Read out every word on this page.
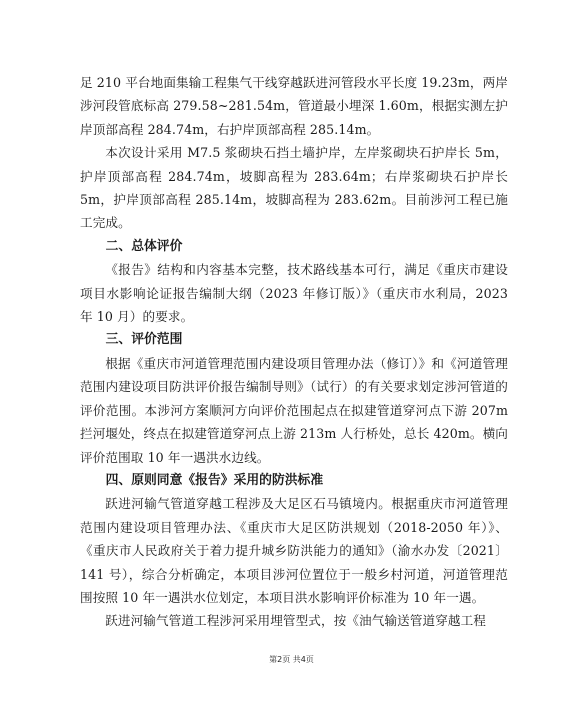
足 210 平台地面集输工程集气干线穿越跃进河管段水平长度 19.23m，两岸涉河段管底标高 279.58~281.54m，管道最小埋深 1.60m，根据实测左护岸顶部高程 284.74m，右护岸顶部高程 285.14m。

本次设计采用 M7.5 浆砌块石挡土墙护岸，左岸浆砌块石护岸长 5m，护岸顶部高程 284.74m，坡脚高程为 283.64m；右岸浆砌块石护岸长 5m，护岸顶部高程 285.14m，坡脚高程为 283.62m。目前涉河工程已施工完成。

二、总体评价

《报告》结构和内容基本完整，技术路线基本可行，满足《重庆市建设项目水影响论证报告编制大纲（2023 年修订版）》（重庆市水利局，2023 年 10 月）的要求。

三、评价范围

根据《重庆市河道管理范围内建设项目管理办法（修订）》和《河道管理范围内建设项目防洪评价报告编制导则》（试行）的有关要求划定涉河管道的评价范围。本涉河方案顺河方向评价范围起点在拟建管道穿河点下游 207m 拦河堰处，终点在拟建管道穿河点上游 213m 人行桥处，总长 420m。横向评价范围取 10 年一遇洪水边线。

四、原则同意《报告》采用的防洪标准

跃进河输气管道穿越工程涉及大足区石马镇境内。根据重庆市河道管理范围内建设项目管理办法、《重庆市大足区防洪规划（2018-2050 年）》、《重庆市人民政府关于着力提升城乡防洪能力的通知》（渝水办发〔2021〕141 号），综合分析确定，本项目涉河位置位于一般乡村河道，河道管理范围按照 10 年一遇洪水位划定，本项目洪水影响评价标准为 10 年一遇。

跃进河输气管道工程涉河采用埋管型式，按《油气输送管道穿越工程

第2页 共4页
